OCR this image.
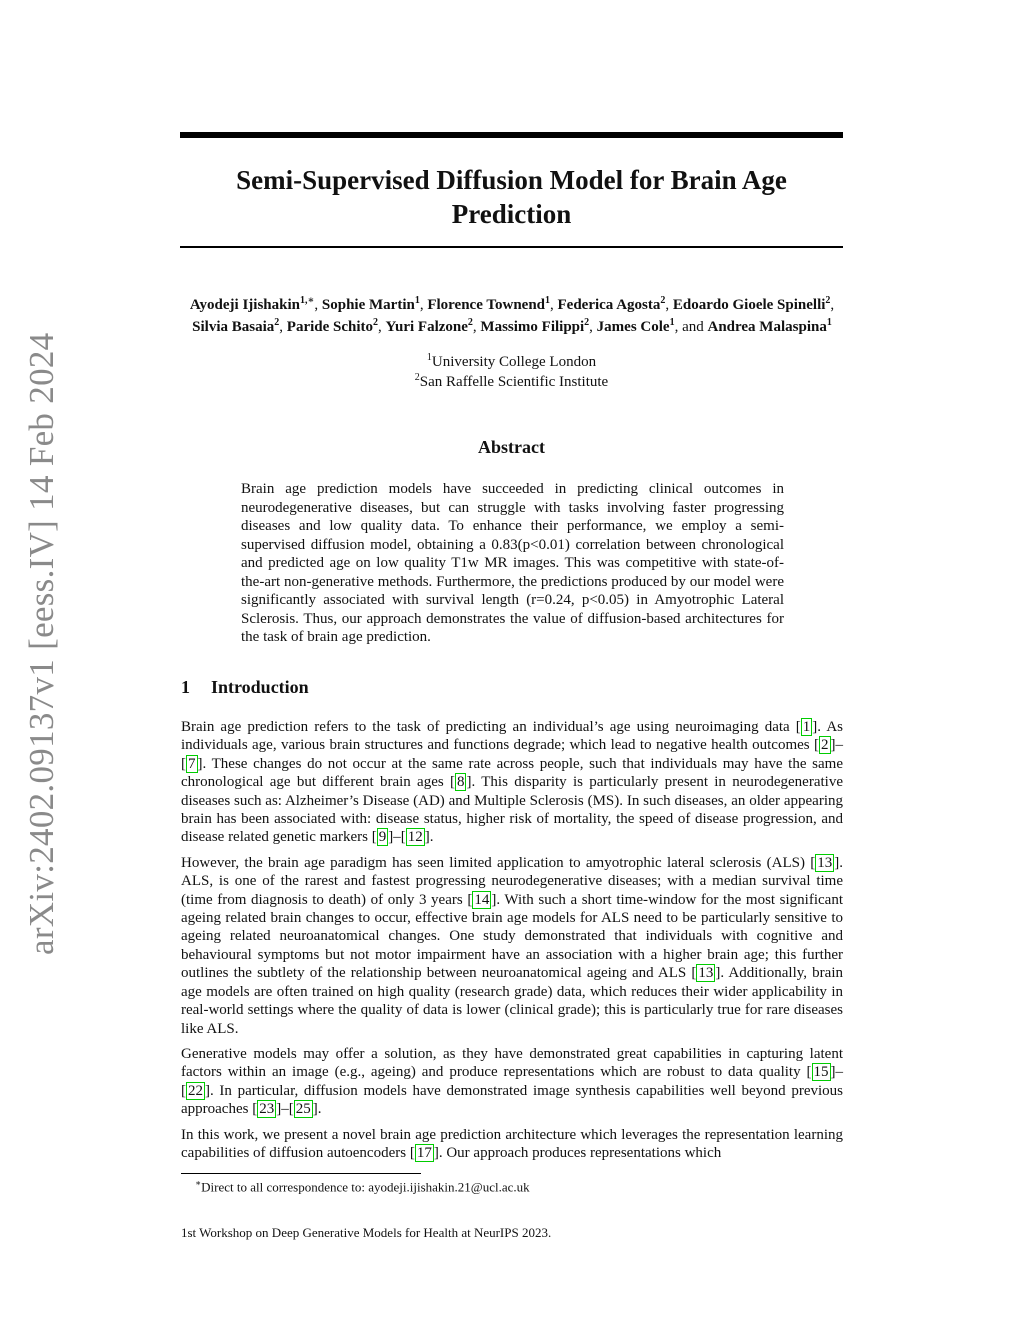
arXiv:2402.09137v1 [eess.IV] 14 Feb 2024
Semi-Supervised Diffusion Model for Brain Age
Prediction
Ayodeji Ijishakin$^{1,∗}$, Sophie Martin$^1$, Florence Townend$^1$, Federica Agosta$^2$, Edoardo Gioele Spinelli$^2$,
Silvia Basaia$^2$, Paride Schito$^2$, Yuri Falzone$^2$, Massimo Filippi$^2$, James Cole$^1$, and Andrea Malaspina$^1$
$^1$University College London
$^2$San Raffelle Scientific Institute
Abstract

Brain age prediction models have succeeded in predicting clinical outcomes in neurodegenerative diseases, but can struggle with tasks involving faster progressing diseases and low quality data. To enhance their performance, we employ a semi-supervised diffusion model, obtaining a 0.83(p<0.01) correlation between chronological and predicted age on low quality T1w MR images. This was competitive with state-of-the-art non-generative methods. Furthermore, the predictions produced by our model were significantly associated with survival length (r=0.24, p<0.05) in Amyotrophic Lateral Sclerosis. Thus, our approach demonstrates the value of diffusion-based architectures for the task of brain age prediction.

1 Introduction

Brain age prediction refers to the task of predicting an individual’s age using neuroimaging data [ 1 ]. As individuals age, various brain structures and functions degrade; which lead to negative health outcomes [ 2 ]–[ 7 ]. These changes do not occur at the same rate across people, such that individuals may have the same chronological age but different brain ages [ 8 ]. This disparity is particularly present in neurodegenerative diseases such as: Alzheimer’s Disease (AD) and Multiple Sclerosis (MS). In such diseases, an older appearing brain has been associated with: disease status, higher risk of mortality, the speed of disease progression, and disease related genetic markers [ 9 ]–[ 12 ].

However, the brain age paradigm has seen limited application to amyotrophic lateral sclerosis (ALS) [ 13 ]. ALS, is one of the rarest and fastest progressing neurodegenerative diseases; with a median survival time (time from diagnosis to death) of only 3 years [ 14 ]. With such a short time-window for the most significant ageing related brain changes to occur, effective brain age models for ALS need to be particularly sensitive to ageing related neuroanatomical changes. One study demonstrated that individuals with cognitive and behavioural symptoms but not motor impairment have an association with a higher brain age; this further outlines the subtlety of the relationship between neuroanatomical ageing and ALS [ 13 ]. Additionally, brain age models are often trained on high quality (research grade) data, which reduces their wider applicability in real-world settings where the quality of data is lower (clinical grade); this is particularly true for rare diseases like ALS.

Generative models may offer a solution, as they have demonstrated great capabilities in capturing latent factors within an image (e.g., ageing) and produce representations which are robust to data quality [ 15 ]–[ 22 ]. In particular, diffusion models have demonstrated image synthesis capabilities well beyond previous approaches [ 23 ]–[ 25 ].

In this work, we present a novel brain age prediction architecture which leverages the representation learning capabilities of diffusion autoencoders [ 17 ]. Our approach produces representations which

∗Direct to all correspondence to: ayodeji.ijishakin.21@ucl.ac.uk
1st Workshop on Deep Generative Models for Health at NeurIPS 2023.
